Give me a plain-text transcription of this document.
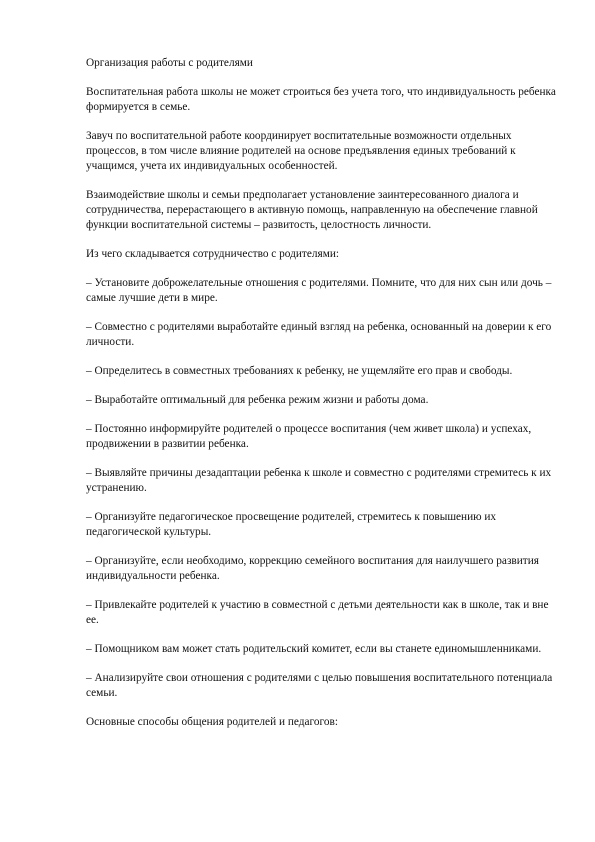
Организация работы с родителями

Воспитательная работа школы не может строиться без учета того, что индивидуальность ребенка формируется в семье.

Завуч по воспитательной работе координирует воспитательные возможности отдельных процессов, в том числе влияние родителей на основе предъявления единых требований к учащимся, учета их индивидуальных особенностей.

Взаимодействие школы и семьи предполагает установление заинтересованного диалога и сотрудничества, перерастающего в активную помощь, направленную на обеспечение главной функции воспитательной системы – развитость, целостность личности.

Из чего складывается сотрудничество с родителями:

– Установите доброжелательные отношения с родителями. Помните, что для них сын или дочь – самые лучшие дети в мире.

– Совместно с родителями выработайте единый взгляд на ребенка, основанный на доверии к его личности.

– Определитесь в совместных требованиях к ребенку, не ущемляйте его прав и свободы.

– Выработайте оптимальный для ребенка режим жизни и работы дома.

– Постоянно информируйте родителей о процессе воспитания (чем живет школа) и успехах, продвижении в развитии ребенка.

– Выявляйте причины дезадаптации ребенка к школе и совместно с родителями стремитесь к их устранению.

– Организуйте педагогическое просвещение родителей, стремитесь к повышению их педагогической культуры.

– Организуйте, если необходимо, коррекцию семейного воспитания для наилучшего развития индивидуальности ребенка.

– Привлекайте родителей к участию в совместной с детьми деятельности как в школе, так и вне ее.

– Помощником вам может стать родительский комитет, если вы станете единомышленниками.

– Анализируйте свои отношения с родителями с целью повышения воспитательного потенциала семьи.

Основные способы общения родителей и педагогов:
